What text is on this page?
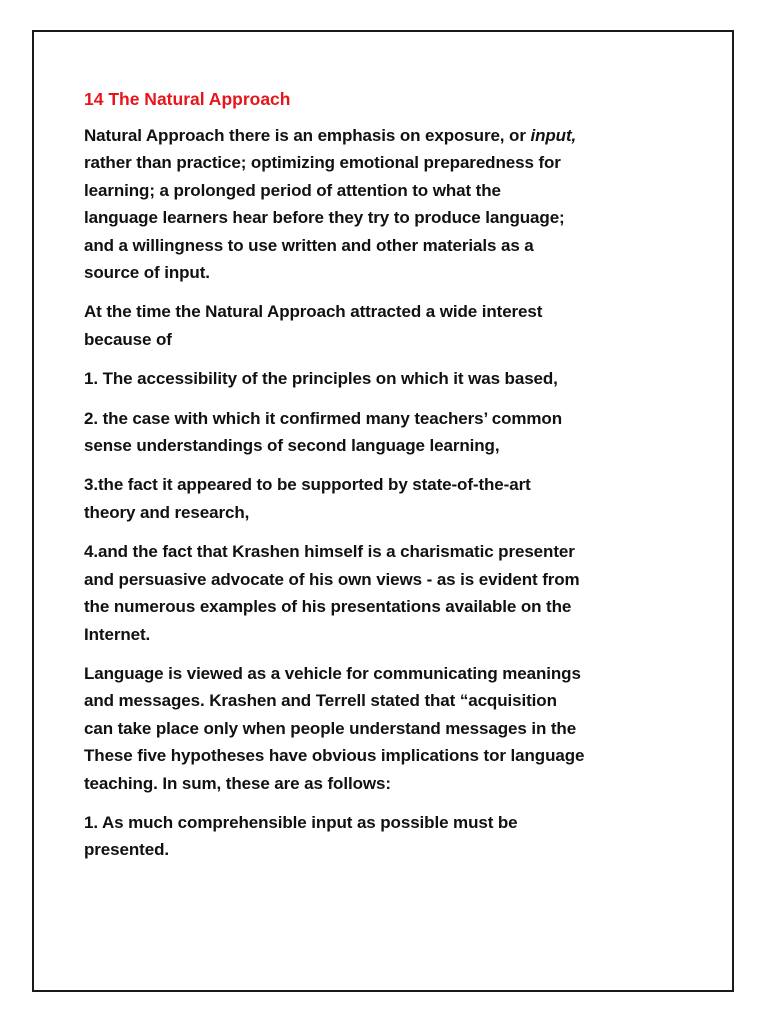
14 The Natural Approach
Natural Approach there is an emphasis on exposure, or input,
rather than practice; optimizing emotional preparedness for
learning; a prolonged period of attention to what the
language learners hear before they try to produce language;
and a willingness to use written and other materials as a
source of input.
At the time the Natural Approach attracted a wide interest
because of
1. The accessibility of the principles on which it was based,
2. the case with which it confirmed many teachers’ common
sense understandings of second language learning,
3.the fact it appeared to be supported by state-of-the-art
theory and research,
4.and the fact that Krashen himself is a charismatic presenter
and persuasive advocate of his own views - as is evident from
the numerous examples of his presentations available on the
Internet.
Language is viewed as a vehicle for communicating meanings
and messages. Krashen and Terrell stated that “acquisition
can take place only when people understand messages in the
These five hypotheses have obvious implications tor language
teaching. In sum, these are as follows:
1. As much comprehensible input as possible must be
presented.
